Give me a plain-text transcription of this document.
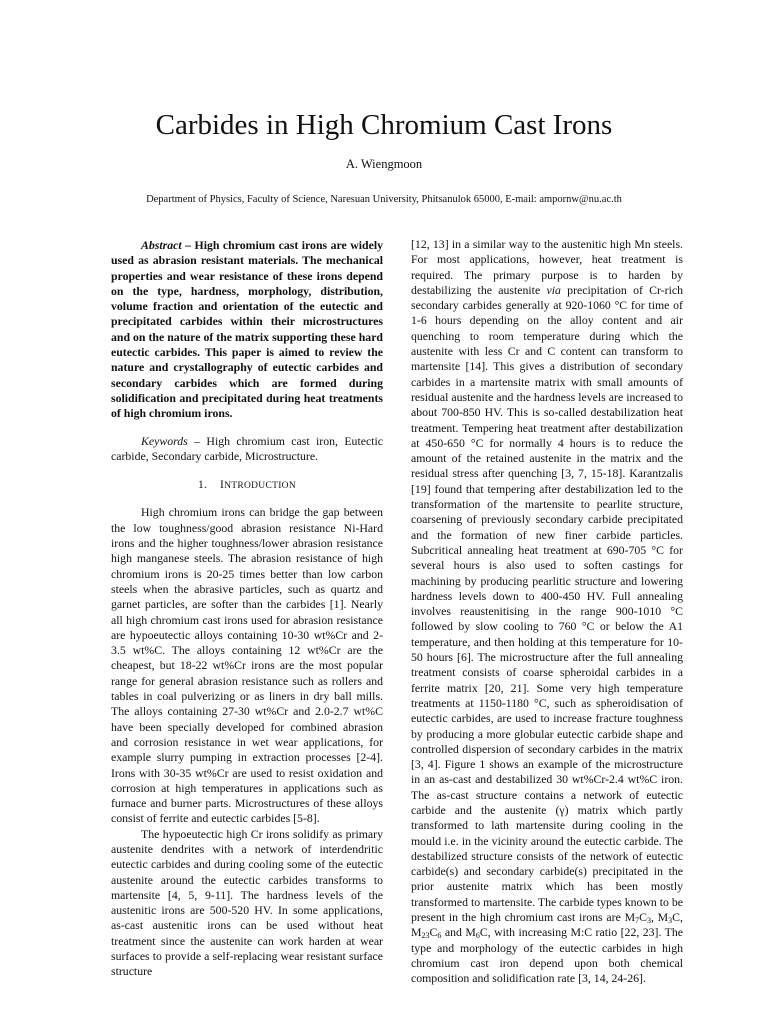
Carbides in High Chromium Cast Irons
A. Wiengmoon
Department of Physics, Faculty of Science, Naresuan University, Phitsanulok 65000, E-mail: ampornw@nu.ac.th

Abstract – High chromium cast irons are widely used as abrasion resistant materials. The mechanical properties and wear resistance of these irons depend on the type, hardness, morphology, distribution, volume fraction and orientation of the eutectic and precipitated carbides within their microstructures and on the nature of the matrix supporting these hard eutectic carbides. This paper is aimed to review the nature and crystallography of eutectic carbides and secondary carbides which are formed during solidification and precipitated during heat treatments of high chromium irons.

Keywords – High chromium cast iron, Eutectic carbide, Secondary carbide, Microstructure.

1. INTRODUCTION

High chromium irons can bridge the gap between the low toughness/good abrasion resistance Ni-Hard irons and the higher toughness/lower abrasion resistance high manganese steels. The abrasion resistance of high chromium irons is 20-25 times better than low carbon steels when the abrasive particles, such as quartz and garnet particles, are softer than the carbides [1]. Nearly all high chromium cast irons used for abrasion resistance are hypoeutectic alloys containing 10-30 wt%Cr and 2-3.5 wt%C. The alloys containing 12 wt%Cr are the cheapest, but 18-22 wt%Cr irons are the most popular range for general abrasion resistance such as rollers and tables in coal pulverizing or as liners in dry ball mills. The alloys containing 27-30 wt%Cr and 2.0-2.7 wt%C have been specially developed for combined abrasion and corrosion resistance in wet wear applications, for example slurry pumping in extraction processes [2-4]. Irons with 30-35 wt%Cr are used to resist oxidation and corrosion at high temperatures in applications such as furnace and burner parts. Microstructures of these alloys consist of ferrite and eutectic carbides [5-8].

The hypoeutectic high Cr irons solidify as primary austenite dendrites with a network of interdendritic eutectic carbides and during cooling some of the eutectic austenite around the eutectic carbides transforms to martensite [4, 5, 9-11]. The hardness levels of the austenitic irons are 500-520 HV. In some applications, as-cast austenitic irons can be used without heat treatment since the austenite can work harden at wear surfaces to provide a self-replacing wear resistant surface structure

[12, 13] in a similar way to the austenitic high Mn steels. For most applications, however, heat treatment is required. The primary purpose is to harden by destabilizing the austenite via precipitation of Cr-rich secondary carbides generally at 920-1060 °C for time of 1-6 hours depending on the alloy content and air quenching to room temperature during which the austenite with less Cr and C content can transform to martensite [14]. This gives a distribution of secondary carbides in a martensite matrix with small amounts of residual austenite and the hardness levels are increased to about 700-850 HV. This is so-called destabilization heat treatment. Tempering heat treatment after destabilization at 450-650 °C for normally 4 hours is to reduce the amount of the retained austenite in the matrix and the residual stress after quenching [3, 7, 15-18]. Karantzalis [19] found that tempering after destabilization led to the transformation of the martensite to pearlite structure, coarsening of previously secondary carbide precipitated and the formation of new finer carbide particles. Subcritical annealing heat treatment at 690-705 °C for several hours is also used to soften castings for machining by producing pearlitic structure and lowering hardness levels down to 400-450 HV. Full annealing involves reaustenitising in the range 900-1010 °C followed by slow cooling to 760 °C or below the A1 temperature, and then holding at this temperature for 10-50 hours [6]. The microstructure after the full annealing treatment consists of coarse spheroidal carbides in a ferrite matrix [20, 21]. Some very high temperature treatments at 1150-1180 °C, such as spheroidisation of eutectic carbides, are used to increase fracture toughness by producing a more globular eutectic carbide shape and controlled dispersion of secondary carbides in the matrix [3, 4]. Figure 1 shows an example of the microstructure in an as-cast and destabilized 30 wt%Cr-2.4 wt%C iron. The as-cast structure contains a network of eutectic carbide and the austenite (γ) matrix which partly transformed to lath martensite during cooling in the mould i.e. in the vicinity around the eutectic carbide. The destabilized structure consists of the network of eutectic carbide(s) and secondary carbide(s) precipitated in the prior austenite matrix which has been mostly transformed to martensite. The carbide types known to be present in the high chromium cast irons are $M_7C_3$, $M_3C$, $M_{23}C_6$ and $M_6C$, with increasing M:C ratio [22, 23]. The type and morphology of the eutectic carbides in high chromium cast iron depend upon both chemical composition and solidification rate [3, 14, 24-26].
